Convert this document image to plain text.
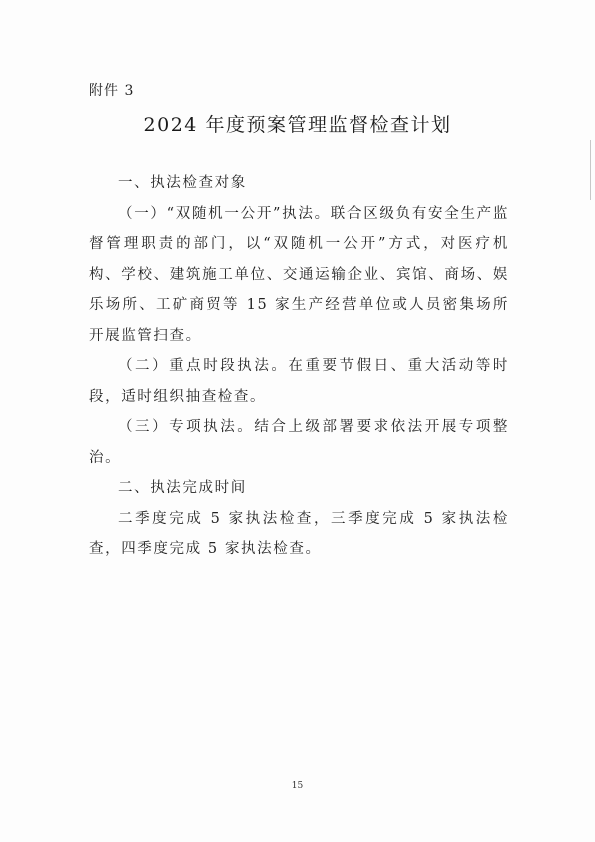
附件 3
2024 年度预案管理监督检查计划

一、执法检查对象

（一）“双随机一公开”执法。联合区级负有安全生产监督管理职责的部门，以“双随机一公开”方式，对医疗机构、学校、建筑施工单位、交通运输企业、宾馆、商场、娱乐场所、工矿商贸等 15 家生产经营单位或人员密集场所开展监管扫查。

（二）重点时段执法。在重要节假日、重大活动等时段，适时组织抽查检查。

（三）专项执法。结合上级部署要求依法开展专项整治。

二、执法完成时间

二季度完成 5 家执法检查，三季度完成 5 家执法检查，四季度完成 5 家执法检查。

15
